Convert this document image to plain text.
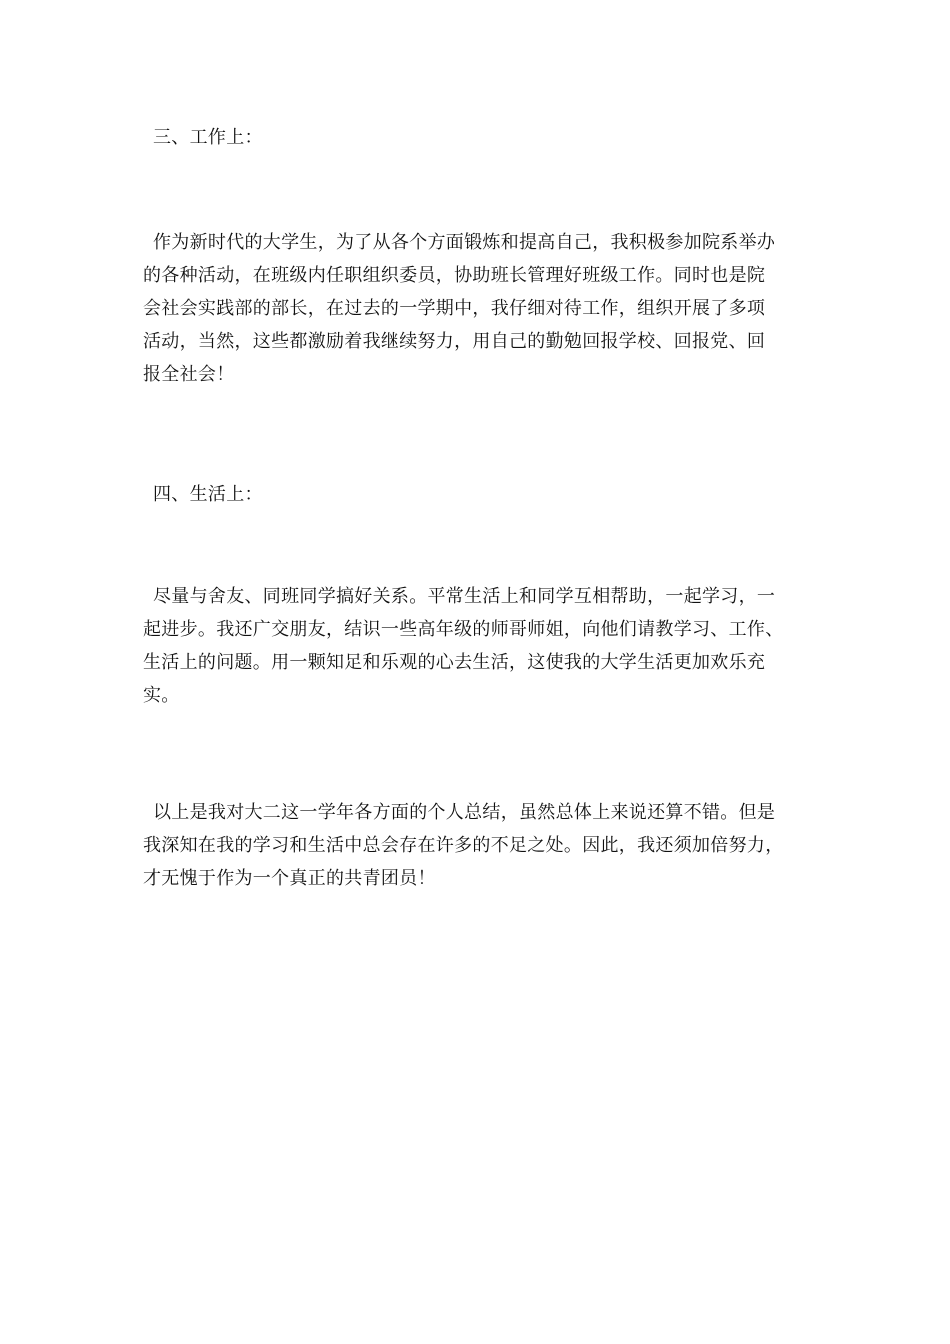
三、工作上：
作为新时代的大学生，为了从各个方面锻炼和提高自己，我积极参加院系举办
的各种活动，在班级内任职组织委员，协助班长管理好班级工作。同时也是院
会社会实践部的部长，在过去的一学期中，我仔细对待工作，组织开展了多项
活动，当然，这些都激励着我继续努力，用自己的勤勉回报学校、回报党、回
报全社会！
四、生活上：
尽量与舍友、同班同学搞好关系。平常生活上和同学互相帮助，一起学习，一
起进步。我还广交朋友，结识一些高年级的师哥师姐，向他们请教学习、工作、
生活上的问题。用一颗知足和乐观的心去生活，这使我的大学生活更加欢乐充
实。
以上是我对大二这一学年各方面的个人总结，虽然总体上来说还算不错。但是
我深知在我的学习和生活中总会存在许多的不足之处。因此，我还须加倍努力，
才无愧于作为一个真正的共青团员！
